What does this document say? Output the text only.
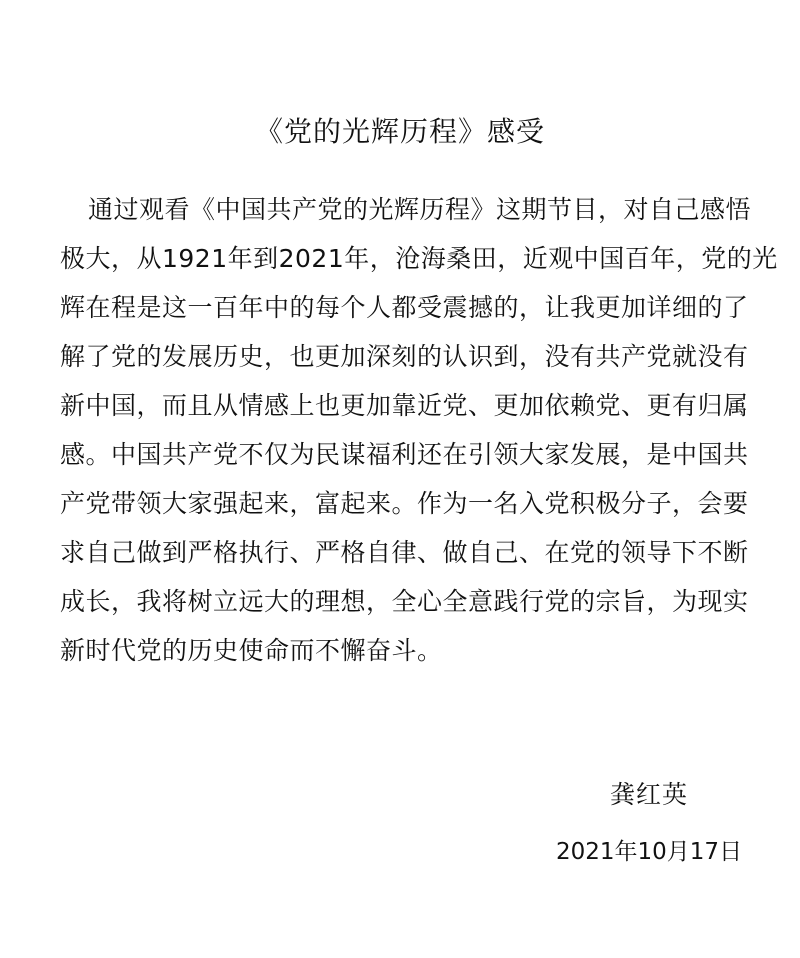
《党的光辉历程》感受
通过观看《中国共产党的光辉历程》这期节目，对自己感悟
极大，从1921年到2021年，沧海桑田，近观中国百年，党的光
辉在程是这一百年中的每个人都受震撼的，让我更加详细的了
解了党的发展历史，也更加深刻的认识到，没有共产党就没有
新中国，而且从情感上也更加靠近党、更加依赖党、更有归属
感。中国共产党不仅为民谋福利还在引领大家发展，是中国共
产党带领大家强起来，富起来。作为一名入党积极分子，会要
求自己做到严格执行、严格自律、做自己、在党的领导下不断
成长，我将树立远大的理想，全心全意践行党的宗旨，为现实
新时代党的历史使命而不懈奋斗。
龚红英
2021年10月17日
